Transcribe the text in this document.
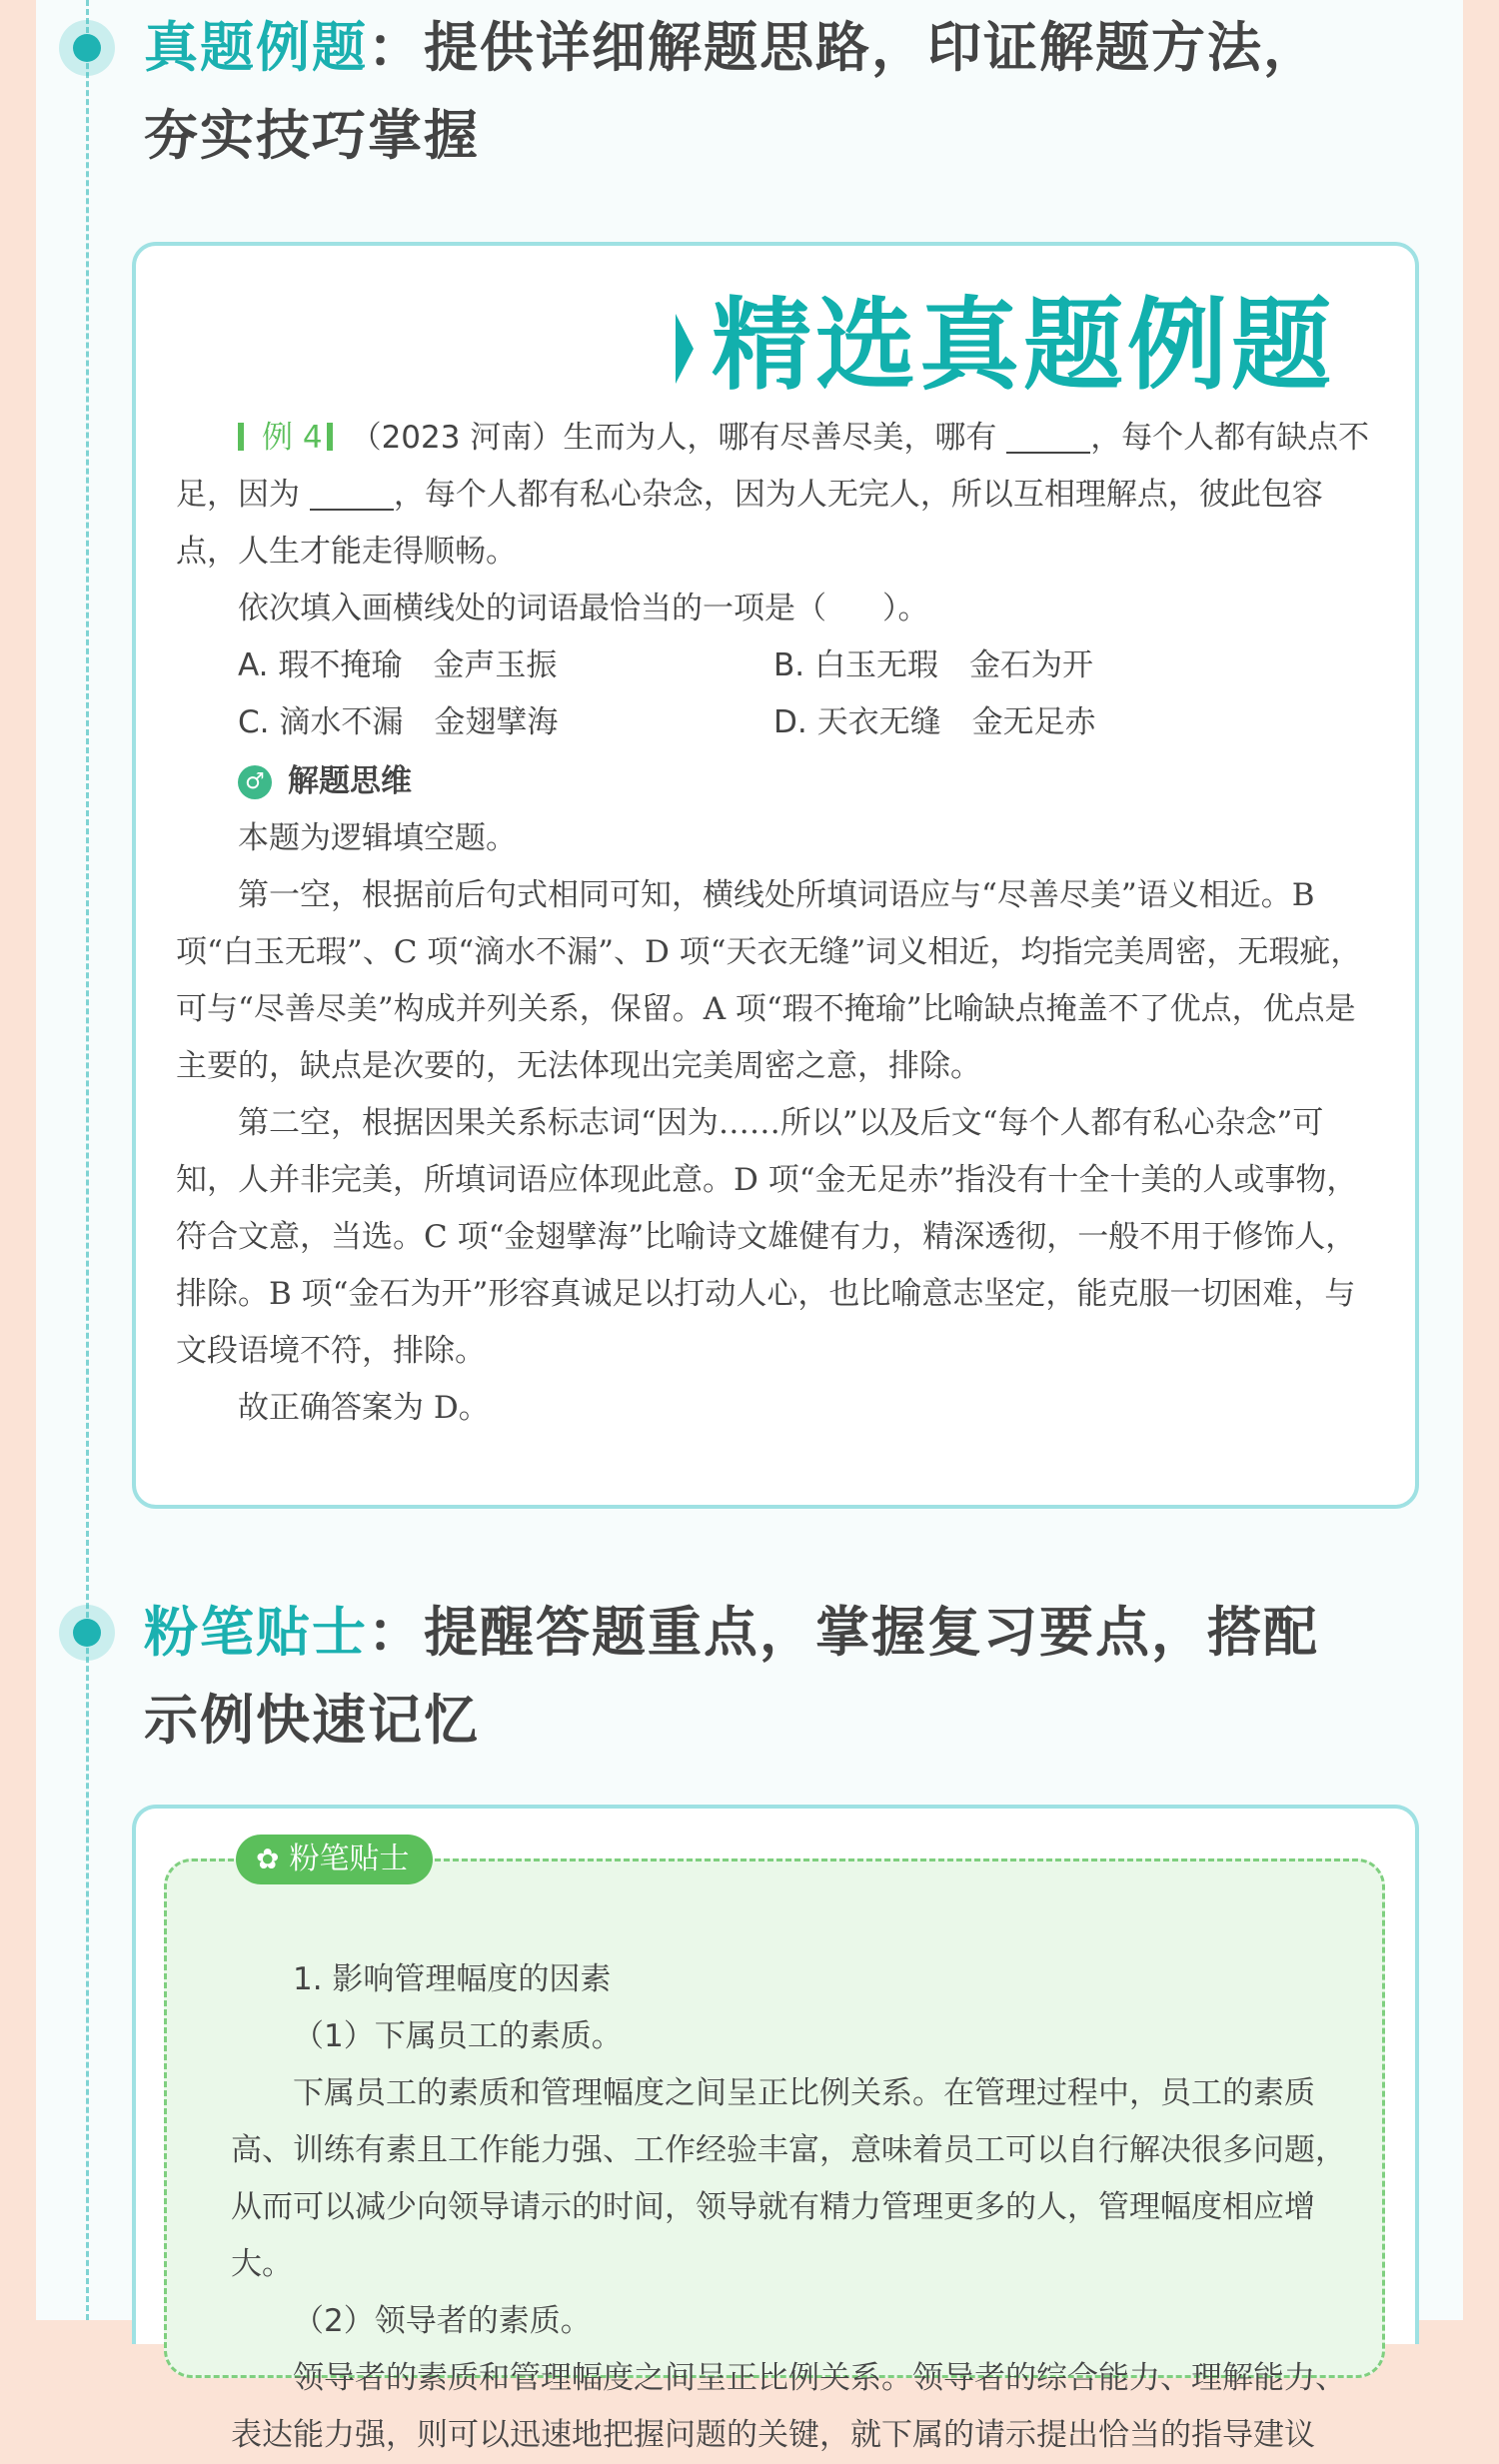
真题例题：提供详细解题思路，印证解题方法，
夯实技巧掌握
精选真题例题

例 4 （2023 河南）生而为人，哪有尽善尽美，哪有	，每个人都有缺点不足，因为	，每个人都有私心杂念，因为人无完人，所以互相理解点，彼此包容点，人生才能走得顺畅。

依次填入画横线处的词语最恰当的一项是（ ）。

A. 瑕不掩瑜　金声玉振	B. 白玉无瑕　金石为开
C. 滴水不漏　金翅擘海	D. 天衣无缝　金无足赤
♂ 解题思维

本题为逻辑填空题。

第一空，根据前后句式相同可知，横线处所填词语应与“尽善尽美”语义相近。B 项“白玉无瑕”、C 项“滴水不漏”、D 项“天衣无缝”词义相近，均指完美周密，无瑕疵，可与“尽善尽美”构成并列关系，保留。A 项“瑕不掩瑜”比喻缺点掩盖不了优点，优点是主要的，缺点是次要的，无法体现出完美周密之意，排除。

第二空，根据因果关系标志词“因为……所以”以及后文“每个人都有私心杂念”可知，人并非完美，所填词语应体现此意。D 项“金无足赤”指没有十全十美的人或事物，符合文意，当选。C 项“金翅擘海”比喻诗文雄健有力，精深透彻，一般不用于修饰人，排除。B 项“金石为开”形容真诚足以打动人心，也比喻意志坚定，能克服一切困难，与文段语境不符，排除。

故正确答案为 D。

粉笔贴士：提醒答题重点，掌握复习要点，搭配
示例快速记忆

1. 影响管理幅度的因素

（1）下属员工的素质。

下属员工的素质和管理幅度之间呈正比例关系。在管理过程中，员工的素质高、训练有素且工作能力强、工作经验丰富，意味着员工可以自行解决很多问题，从而可以减少向领导请示的时间，领导就有精力管理更多的人，管理幅度相应增大。

（2）领导者的素质。

领导者的素质和管理幅度之间呈正比例关系。领导者的综合能力、理解能力、表达能力强，则可以迅速地把握问题的关键，就下属的请示提出恰当的指导建议

✿ 粉笔贴士
